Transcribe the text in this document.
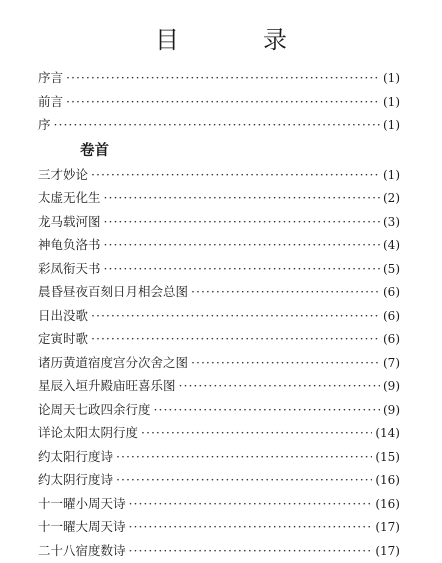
目　录
序言 ·····	(1)
前言 ·····	(1)
序 ·····	(1)
卷首
三才妙论 ·····	(1)
太虚无化生 ·····	(2)
龙马载河图 ·····	(3)
神龟负洛书 ·····	(4)
彩凤衔天书 ·····	(5)
晨昏昼夜百刻日月相会总图 ·····	(6)
日出没歌 ·····	(6)
定寅时歌 ·····	(6)
诸历黄道宿度宫分次舍之图 ·····	(7)
星辰入垣升殿庙旺喜乐图 ·····	(9)
论周天七政四余行度 ·····	(9)
详论太阳太阴行度 ·····	(14)
约太阳行度诗 ·····	(15)
约太阴行度诗 ·····	(16)
十一曜小周天诗 ·····	(16)
十一曜大周天诗 ·····	(17)
二十八宿度数诗 ·····	(17)
